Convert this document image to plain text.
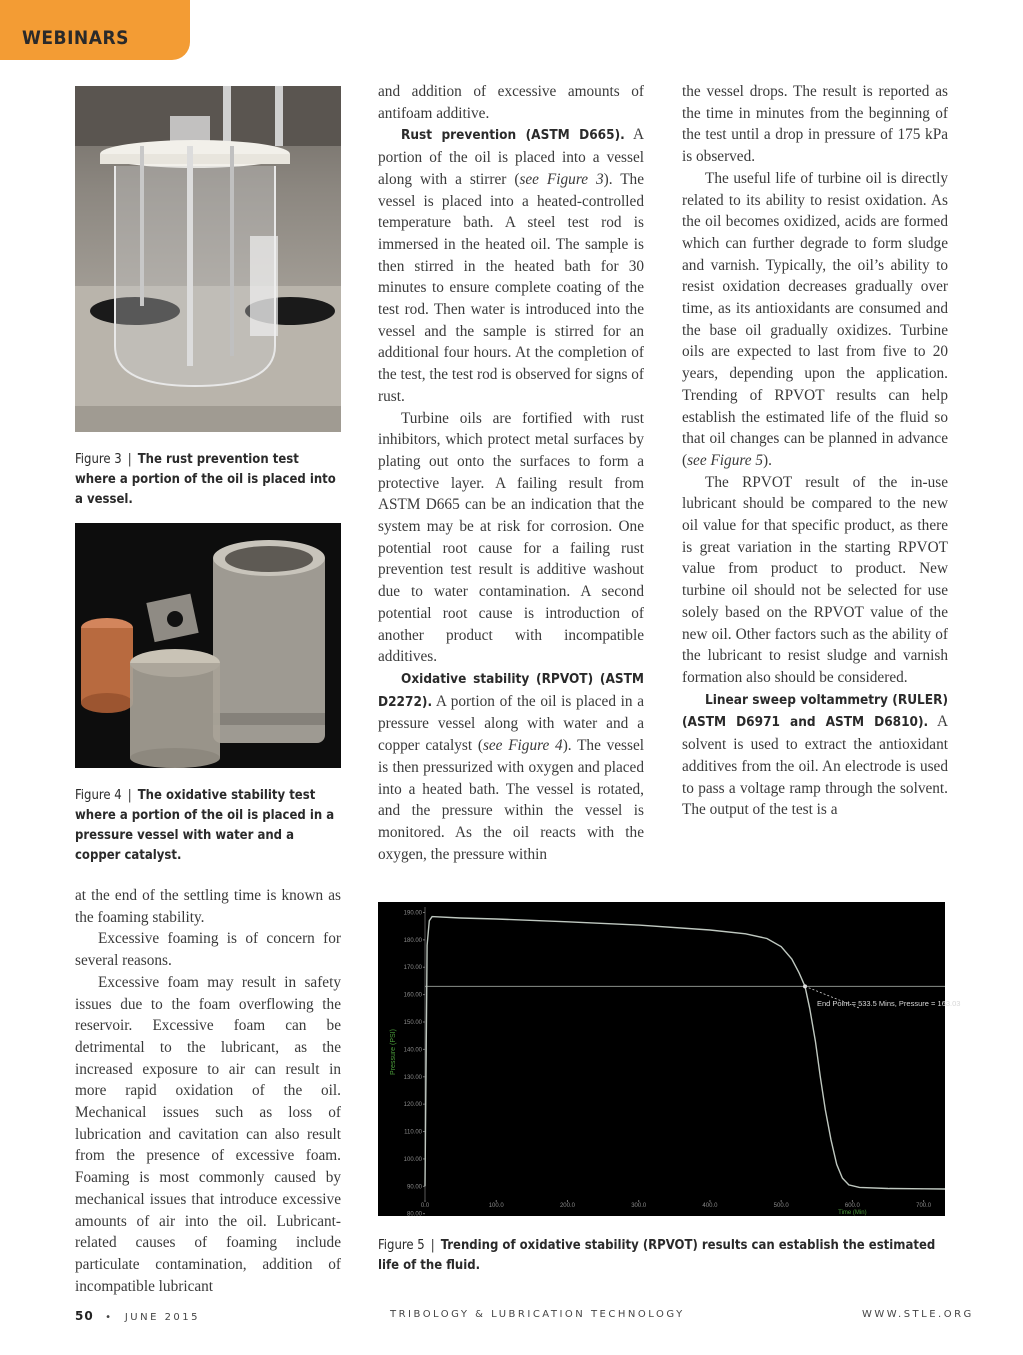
WEBINARS
Figure 3 | The rust prevention test where a portion of the oil is placed into a vessel.
Figure 4 | The oxidative stability test where a portion of the oil is placed in a pressure vessel with water and a copper catalyst.

and addition of excessive amounts of antifoam additive.

Rust prevention (ASTM D665). A portion of the oil is placed into a vessel along with a stirrer (see Figure 3). The vessel is placed into a heated-controlled temperature bath. A steel test rod is immersed in the heated oil. The sample is then stirred in the heated bath for 30 minutes to ensure complete coating of the test rod. Then water is introduced into the vessel and the sample is stirred for an additional four hours. At the completion of the test, the test rod is observed for signs of rust.

Turbine oils are fortified with rust inhibitors, which protect metal surfaces by plating out onto the surfaces to form a protective layer. A failing result from ASTM D665 can be an indication that the system may be at risk for corrosion. One potential root cause for a failing rust prevention test result is additive washout due to water contamination. A second potential root cause is introduction of another product with incompatible additives.

Oxidative stability (RPVOT) (ASTM D2272). A portion of the oil is placed in a pressure vessel along with water and a copper catalyst (see Figure 4). The vessel is then pressurized with oxygen and placed into a heated bath. The vessel is rotated, and the pressure within the vessel is monitored. As the oil reacts with the oxygen, the pressure within

the vessel drops. The result is reported as the time in minutes from the beginning of the test until a drop in pressure of 175 kPa is observed.

The useful life of turbine oil is directly related to its ability to resist oxidation. As the oil becomes oxidized, acids are formed which can further degrade to form sludge and varnish. Typically, the oil’s ability to resist oxidation decreases gradually over time, as its antioxidants are consumed and the base oil gradually oxidizes. Turbine oils are expected to last from five to 20 years, depending upon the application. Trending of RPVOT results can help establish the estimated life of the fluid so that oil changes can be planned in advance (see Figure 5).

The RPVOT result of the in-use lubricant should be compared to the new oil value for that specific product, as there is great variation in the starting RPVOT value from product to product. New turbine oil should not be selected for use solely based on the RPVOT value of the new oil. Other factors such as the ability of the lubricant to resist sludge and varnish formation also should be considered.

Linear sweep voltammetry (RULER) (ASTM D6971 and ASTM D6810). A solvent is used to extract the antioxidant additives from the oil. An electrode is used to pass a voltage ramp through the solvent. The output of the test is a

at the end of the settling time is known as the foaming stability.

Excessive foaming is of concern for several reasons.

Excessive foam may result in safety issues due to the foam overflowing the reservoir. Excessive foam can be detrimental to the lubricant, as the increased exposure to air can result in more rapid oxidation of the oil. Mechanical issues such as loss of lubrication and cavitation can also result from the presence of excessive foam. Foaming is most commonly caused by mechanical issues that introduce excessive amounts of air into the oil. Lubricant-related causes of foaming include particulate contamination, addition of incompatible lubricant

190.00
180.00
170.00
160.00
150.00
140.00
130.00
120.00
110.00
100.00
90.00
80.00
0.0	100.0	200.0	300.0	400.0	500.0	600.0	700.0
End Point = 533.5 Mins, Pressure = 163.03
Pressure (PSI)
Time (Min)
Figure 5 | Trending of oxidative stability (RPVOT) results can establish the estimated life of the fluid.
50 • JUNE 2015	TRIBOLOGY & LUBRICATION TECHNOLOGY	WWW.STLE.ORG
